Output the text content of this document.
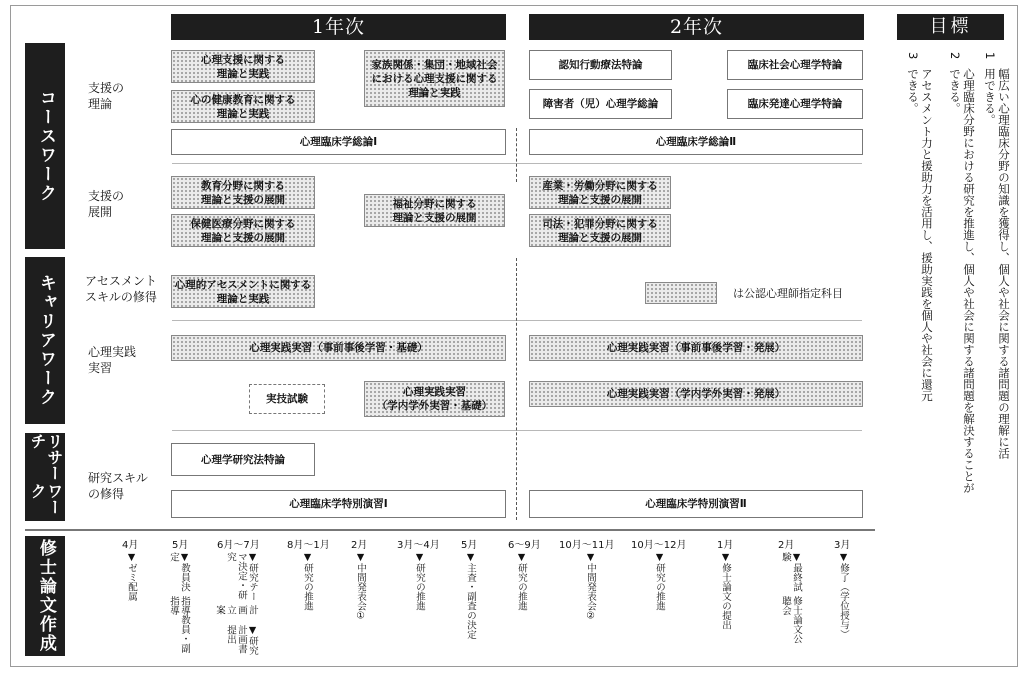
1年次	2年次	目標
コースワーク
キャリアワーク
リサーチ
ワーク
修士論文作成
支援の
理論
支援の
展開
アセスメント
スキルの修得
心理実践
実習
研究スキル
の修得
心理支援に関する
理論と実践
心の健康教育に関する
理論と実践
家族関係・集団・地域社会
における心理支援に関する
理論と実践
認知行動療法特論	臨床社会心理学特論
障害者（児）心理学総論	臨床発達心理学特論
心理臨床学総論Ⅰ	心理臨床学総論Ⅱ
教育分野に関する
理論と支援の展開
保健医療分野に関する
理論と支援の展開
福祉分野に関する
理論と支援の展開
産業・労働分野に関する
理論と支援の展開
司法・犯罪分野に関する
理論と支援の展開
心理的アセスメントに関する
理論と実践	は公認心理師指定科目
心理実践実習（事前事後学習・基礎）	心理実践実習（事前事後学習・発展）
実技試験
心理実践実習
（学内学外実習・基礎）
心理実践実習（学内学外実習・発展）
心理学研究法特論
心理臨床学特別演習Ⅰ	心理臨床学特別演習Ⅱ
1
幅広い心理臨床分野の知識を獲得し、個人や社会に関する諸問題の理解に活用できる。
2
心理臨床分野における研究を推進し、個人や社会に関する諸問題を解決することができる。
3
アセスメント力と援助力を活用し、援助実践を個人や社会に還元できる。
4月
▼ゼミ配属
5月
▼教員決定
指導教員・副指導
6月〜7月
▼研究テーマ決定・研究
計画立案
▼研究計画書提出
8月〜1月
▼研究の推進
2月
▼中間発表会①
3月〜4月
▼研究の推進
5月
▼主査・副査の決定
6〜9月
▼研究の推進
10月〜11月
▼中間発表会②
10月〜12月
▼研究の推進
1月
▼修士論文の提出
2月
▼最終試験
修士論文公聴会
3月
▼修了（学位授与）
